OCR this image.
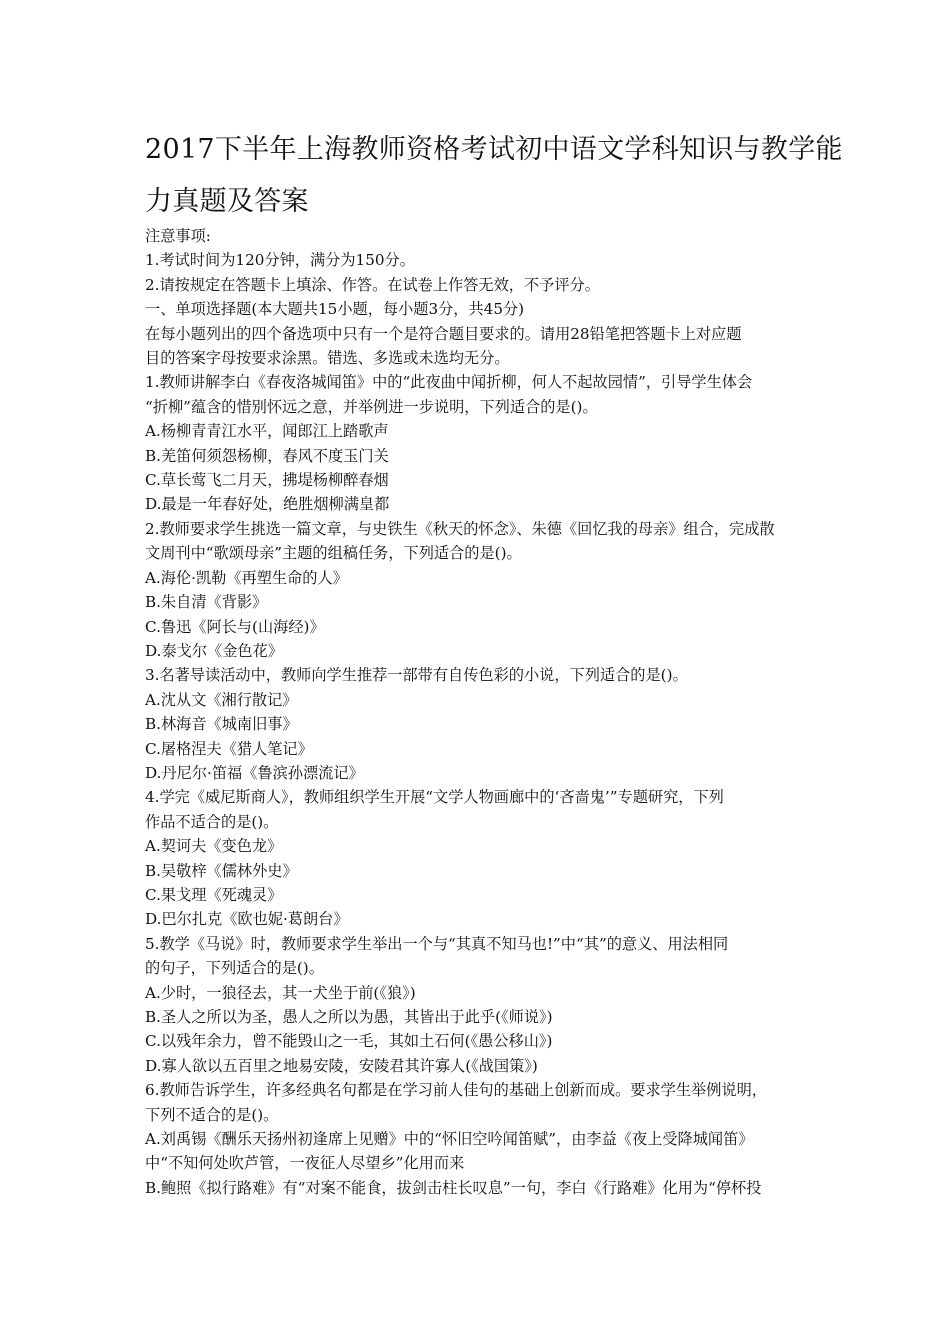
2017下半年上海教师资格考试初中语文学科知识与教学能
力真题及答案

注意事项:

1.考试时间为120分钟，满分为150分。

2.请按规定在答题卡上填涂、作答。在试卷上作答无效，不予评分。

一、单项选择题(本大题共15小题，每小题3分，共45分)

在每小题列出的四个备选项中只有一个是符合题目要求的。请用28铅笔把答题卡上对应题

目的答案字母按要求涂黑。错选、多选或未选均无分。

1.教师讲解李白《春夜洛城闻笛》中的“此夜曲中闻折柳，何人不起故园情”，引导学生体会

“折柳”蕴含的惜别怀远之意，并举例进一步说明，下列适合的是()。

A.杨柳青青江水平，闻郎江上踏歌声

B.羌笛何须怨杨柳，春风不度玉门关

C.草长莺飞二月天，拂堤杨柳醉春烟

D.最是一年春好处，绝胜烟柳满皇都

2.教师要求学生挑选一篇文章，与史铁生《秋天的怀念》、朱德《回忆我的母亲》组合，完成散

文周刊中“歌颂母亲”主题的组稿任务，下列适合的是()。

A.海伦·凯勒《再塑生命的人》

B.朱自清《背影》

C.鲁迅《阿长与(山海经)》

D.泰戈尔《金色花》

3.名著导读活动中，教师向学生推荐一部带有自传色彩的小说，下列适合的是()。

A.沈从文《湘行散记》

B.林海音《城南旧事》

C.屠格涅夫《猎人笔记》

D.丹尼尔·笛福《鲁滨孙漂流记》

4.学完《威尼斯商人》，教师组织学生开展“文学人物画廊中的‘吝啬鬼’”专题研究，下列

作品不适合的是()。

A.契诃夫《变色龙》

B.吴敬梓《儒林外史》

C.果戈理《死魂灵》

D.巴尔扎克《欧也妮·葛朗台》

5.教学《马说》时，教师要求学生举出一个与“其真不知马也!”中“其”的意义、用法相同

的句子，下列适合的是()。

A.少时，一狼径去，其一犬坐于前(《狼》)

B.圣人之所以为圣，愚人之所以为愚，其皆出于此乎(《师说》)

C.以残年余力，曾不能毁山之一毛，其如土石何(《愚公移山》)

D.寡人欲以五百里之地易安陵，安陵君其许寡人(《战国策》)

6.教师告诉学生，许多经典名句都是在学习前人佳句的基础上创新而成。要求学生举例说明，

下列不适合的是()。

A.刘禹锡《酬乐天扬州初逢席上见赠》中的“怀旧空吟闻笛赋”，由李益《夜上受降城闻笛》

中“不知何处吹芦管，一夜征人尽望乡”化用而来

B.鲍照《拟行路难》有“对案不能食，拔剑击柱长叹息”一句，李白《行路难》化用为“停杯投
